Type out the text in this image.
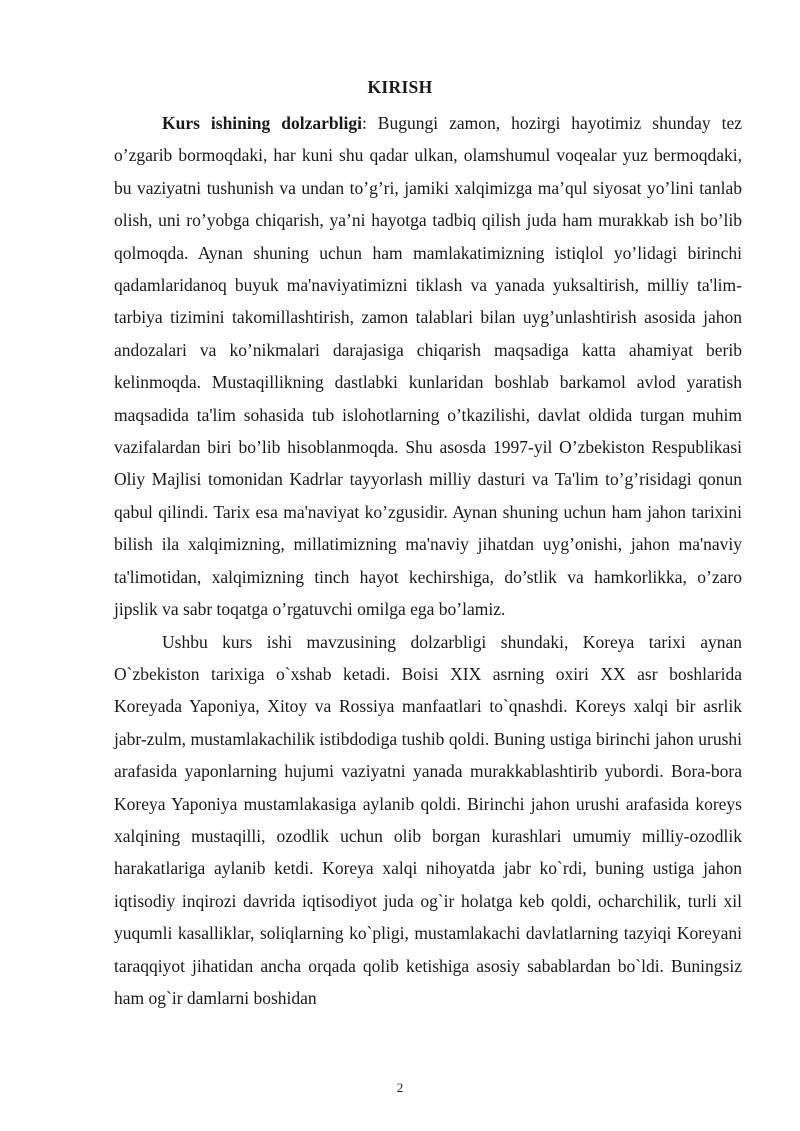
KIRISH

Kurs ishining dolzarbligi: Bugungi zamon, hozirgi hayotimiz shunday tez o’zgarib bormoqdaki, har kuni shu qadar ulkan, olamshumul voqealar yuz bermoqdaki, bu vaziyatni tushunish va undan to’g’ri, jamiki xalqimizga ma’qul siyosat yo’lini tanlab olish, uni ro’yobga chiqarish, ya’ni hayotga tadbiq qilish juda ham murakkab ish bo’lib qolmoqda. Aynan shuning uchun ham mamlakatimizning istiqlol yo’lidagi birinchi qadamlaridanoq buyuk ma'naviyatimizni tiklash va yanada yuksaltirish, milliy ta'lim-tarbiya tizimini takomillashtirish, zamon talablari bilan uyg’unlashtirish asosida jahon andozalari va ko’nikmalari darajasiga chiqarish maqsadiga katta ahamiyat berib kelinmoqda. Mustaqillikning dastlabki kunlaridan boshlab barkamol avlod yaratish maqsadida ta'lim sohasida tub islohotlarning o’tkazilishi, davlat oldida turgan muhim vazifalardan biri bo’lib hisoblanmoqda. Shu asosda 1997-yil O’zbekiston Respublikasi Oliy Majlisi tomonidan Kadrlar tayyorlash milliy dasturi va Ta'lim to’g’risidagi qonun qabul qilindi. Tarix esa ma'naviyat ko’zgusidir. Aynan shuning uchun ham jahon tarixini bilish ila xalqimizning, millatimizning ma'naviy jihatdan uyg’onishi, jahon ma'naviy ta'limotidan, xalqimizning tinch hayot kechirshiga, do’stlik va hamkorlikka, o’zaro jipslik va sabr toqatga o’rgatuvchi omilga ega bo’lamiz.

Ushbu kurs ishi mavzusining dolzarbligi shundaki, Koreya tarixi aynan O`zbekiston tarixiga o`xshab ketadi. Boisi XIX asrning oxiri XX asr boshlarida Koreyada Yaponiya, Xitoy va Rossiya manfaatlari to`qnashdi. Koreys xalqi bir asrlik jabr-zulm, mustamlakachilik istibdodiga tushib qoldi. Buning ustiga birinchi jahon urushi arafasida yaponlarning hujumi vaziyatni yanada murakkablashtirib yubordi. Bora-bora Koreya Yaponiya mustamlakasiga aylanib qoldi. Birinchi jahon urushi arafasida koreys xalqining mustaqilli, ozodlik uchun olib borgan kurashlari umumiy milliy-ozodlik harakatlariga aylanib ketdi. Koreya xalqi nihoyatda jabr ko`rdi, buning ustiga jahon iqtisodiy inqirozi davrida iqtisodiyot juda og`ir holatga keb qoldi, ocharchilik, turli xil yuqumli kasalliklar, soliqlarning ko`pligi, mustamlakachi davlatlarning tazyiqi Koreyani taraqqiyot jihatidan ancha orqada qolib ketishiga asosiy sabablardan bo`ldi. Buningsiz ham og`ir damlarni boshidan

2
